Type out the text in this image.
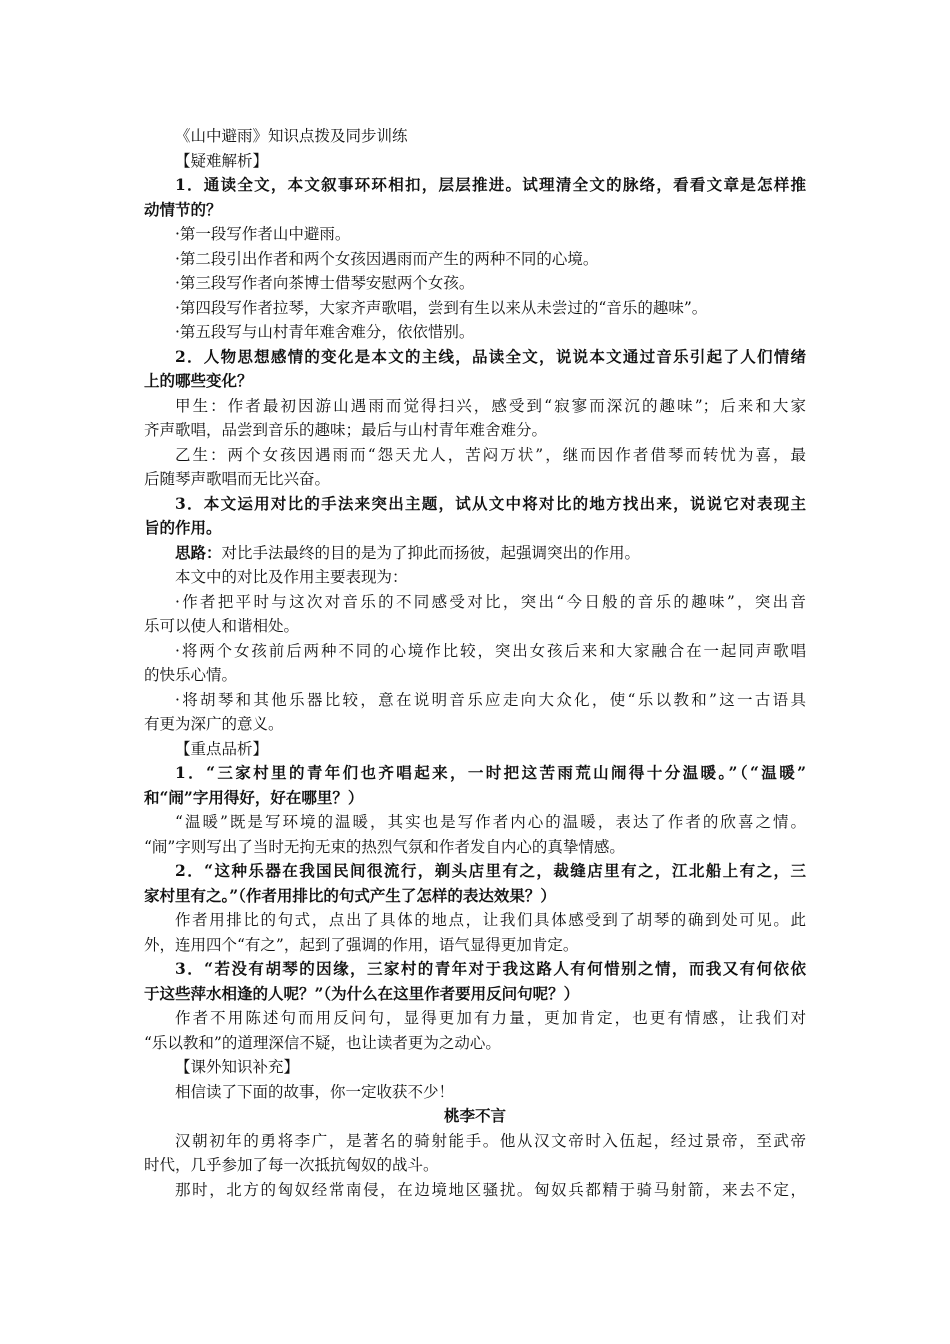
《山中避雨》知识点拨及同步训练
【疑难解析】
1．通读全文，本文叙事环环相扣，层层推进。试理清全文的脉络，看看文章是怎样推
动情节的？
·第一段写作者山中避雨。
·第二段引出作者和两个女孩因遇雨而产生的两种不同的心境。
·第三段写作者向茶博士借琴安慰两个女孩。
·第四段写作者拉琴，大家齐声歌唱，尝到有生以来从未尝过的“音乐的趣味”。
·第五段写与山村青年难舍难分，依依惜别。
2．人物思想感情的变化是本文的主线，品读全文，说说本文通过音乐引起了人们情绪
上的哪些变化？
甲生：作者最初因游山遇雨而觉得扫兴，感受到“寂寥而深沉的趣味”；后来和大家
齐声歌唱，品尝到音乐的趣味；最后与山村青年难舍难分。
乙生：两个女孩因遇雨而“怨天尤人，苦闷万状”，继而因作者借琴而转忧为喜，最
后随琴声歌唱而无比兴奋。
3．本文运用对比的手法来突出主题，试从文中将对比的地方找出来，说说它对表现主
旨的作用。
思路：对比手法最终的目的是为了抑此而扬彼，起强调突出的作用。
本文中的对比及作用主要表现为：
·作者把平时与这次对音乐的不同感受对比，突出“今日般的音乐的趣味”，突出音
乐可以使人和谐相处。
·将两个女孩前后两种不同的心境作比较，突出女孩后来和大家融合在一起同声歌唱
的快乐心情。
·将胡琴和其他乐器比较，意在说明音乐应走向大众化，使“乐以教和”这一古语具
有更为深广的意义。
【重点品析】
1．“三家村里的青年们也齐唱起来，一时把这苦雨荒山闹得十分温暖。”（“温暖”
和“闹”字用得好，好在哪里？）
“温暖”既是写环境的温暖，其实也是写作者内心的温暖，表达了作者的欣喜之情。
“闹”字则写出了当时无拘无束的热烈气氛和作者发自内心的真挚情感。
2．“这种乐器在我国民间很流行，剃头店里有之，裁缝店里有之，江北船上有之，三
家村里有之。”（作者用排比的句式产生了怎样的表达效果？）
作者用排比的句式，点出了具体的地点，让我们具体感受到了胡琴的确到处可见。此
外，连用四个“有之”，起到了强调的作用，语气显得更加肯定。
3．“若没有胡琴的因缘，三家村的青年对于我这路人有何惜别之情，而我又有何依依
于这些萍水相逢的人呢？”（为什么在这里作者要用反问句呢？）
作者不用陈述句而用反问句，显得更加有力量，更加肯定，也更有情感，让我们对
“乐以教和”的道理深信不疑，也让读者更为之动心。
【课外知识补充】
相信读了下面的故事，你一定收获不少！
桃李不言
汉朝初年的勇将李广，是著名的骑射能手。他从汉文帝时入伍起，经过景帝，至武帝
时代，几乎参加了每一次抵抗匈奴的战斗。
那时，北方的匈奴经常南侵，在边境地区骚扰。匈奴兵都精于骑马射箭，来去不定，
